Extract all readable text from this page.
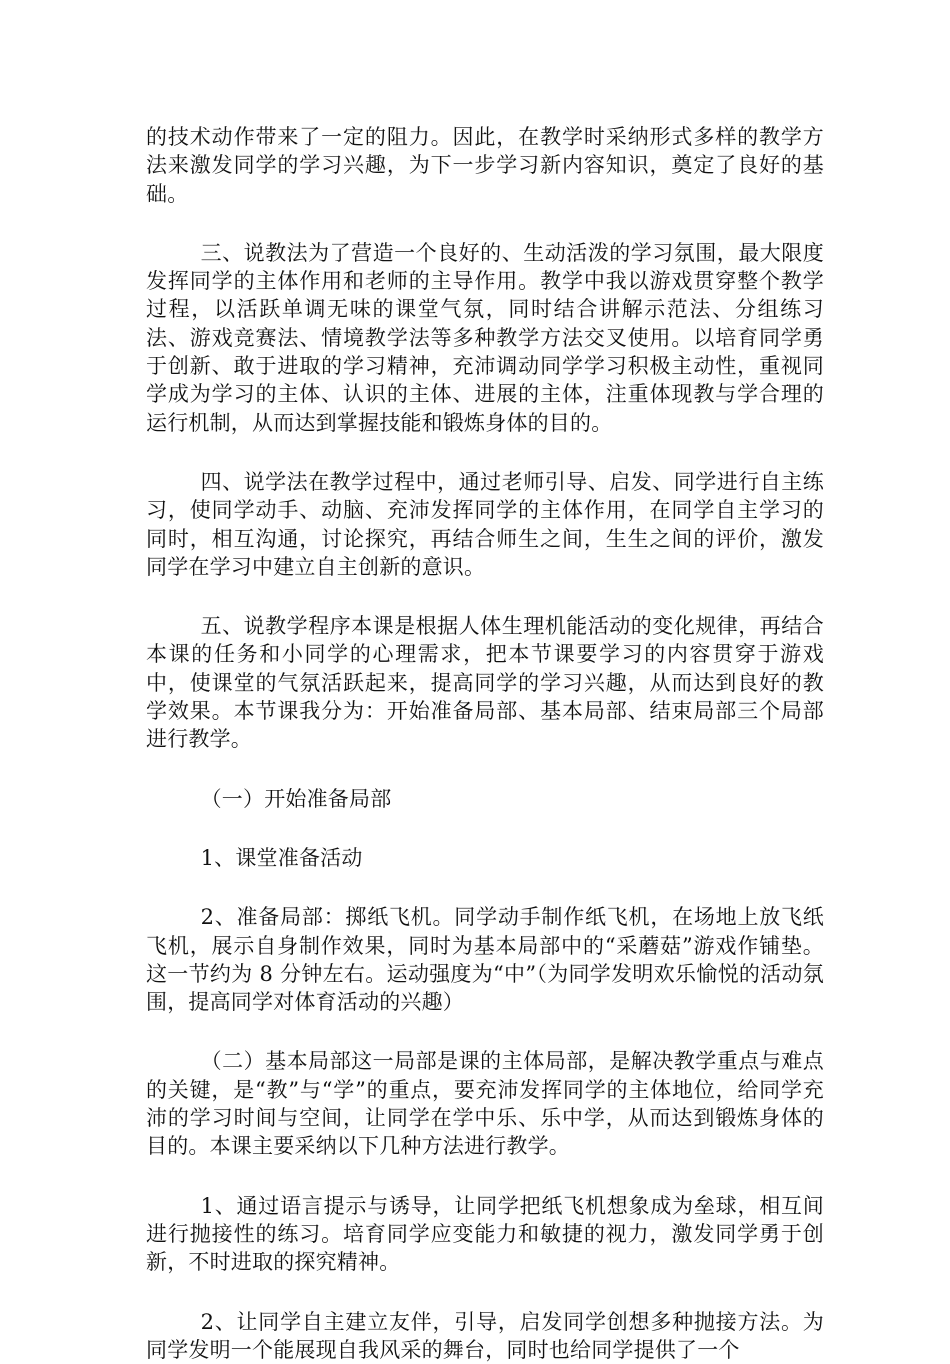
的技术动作带来了一定的阻力。因此，在教学时采纳形式多样的教学方法来激发同学的学习兴趣，为下一步学习新内容知识，奠定了良好的基础。

三、说教法为了营造一个良好的、生动活泼的学习氛围，最大限度发挥同学的主体作用和老师的主导作用。教学中我以游戏贯穿整个教学过程，以活跃单调无味的课堂气氛，同时结合讲解示范法、分组练习法、游戏竞赛法、情境教学法等多种教学方法交叉使用。以培育同学勇于创新、敢于进取的学习精神，充沛调动同学学习积极主动性，重视同学成为学习的主体、认识的主体、进展的主体，注重体现教与学合理的运行机制，从而达到掌握技能和锻炼身体的目的。

四、说学法在教学过程中，通过老师引导、启发、同学进行自主练习，使同学动手、动脑、充沛发挥同学的主体作用，在同学自主学习的同时，相互沟通，讨论探究，再结合师生之间，生生之间的评价，激发同学在学习中建立自主创新的意识。

五、说教学程序本课是根据人体生理机能活动的变化规律，再结合本课的任务和小同学的心理需求，把本节课要学习的内容贯穿于游戏中，使课堂的气氛活跃起来，提高同学的学习兴趣，从而达到良好的教学效果。本节课我分为：开始准备局部、基本局部、结束局部三个局部进行教学。

（一）开始准备局部

1、课堂准备活动

2、准备局部：掷纸飞机。同学动手制作纸飞机，在场地上放飞纸飞机，展示自身制作效果，同时为基本局部中的“采蘑菇”游戏作铺垫。这一节约为 8 分钟左右。运动强度为“中”（为同学发明欢乐愉悦的活动氛围，提高同学对体育活动的兴趣）

（二）基本局部这一局部是课的主体局部，是解决教学重点与难点的关键，是“教”与“学”的重点，要充沛发挥同学的主体地位，给同学充沛的学习时间与空间，让同学在学中乐、乐中学，从而达到锻炼身体的目的。本课主要采纳以下几种方法进行教学。

1、通过语言提示与诱导，让同学把纸飞机想象成为垒球，相互间进行抛接性的练习。培育同学应变能力和敏捷的视力，激发同学勇于创新，不时进取的探究精神。

2、让同学自主建立友伴，引导，启发同学创想多种抛接方法。为同学发明一个能展现自我风采的舞台，同时也给同学提供了一个
